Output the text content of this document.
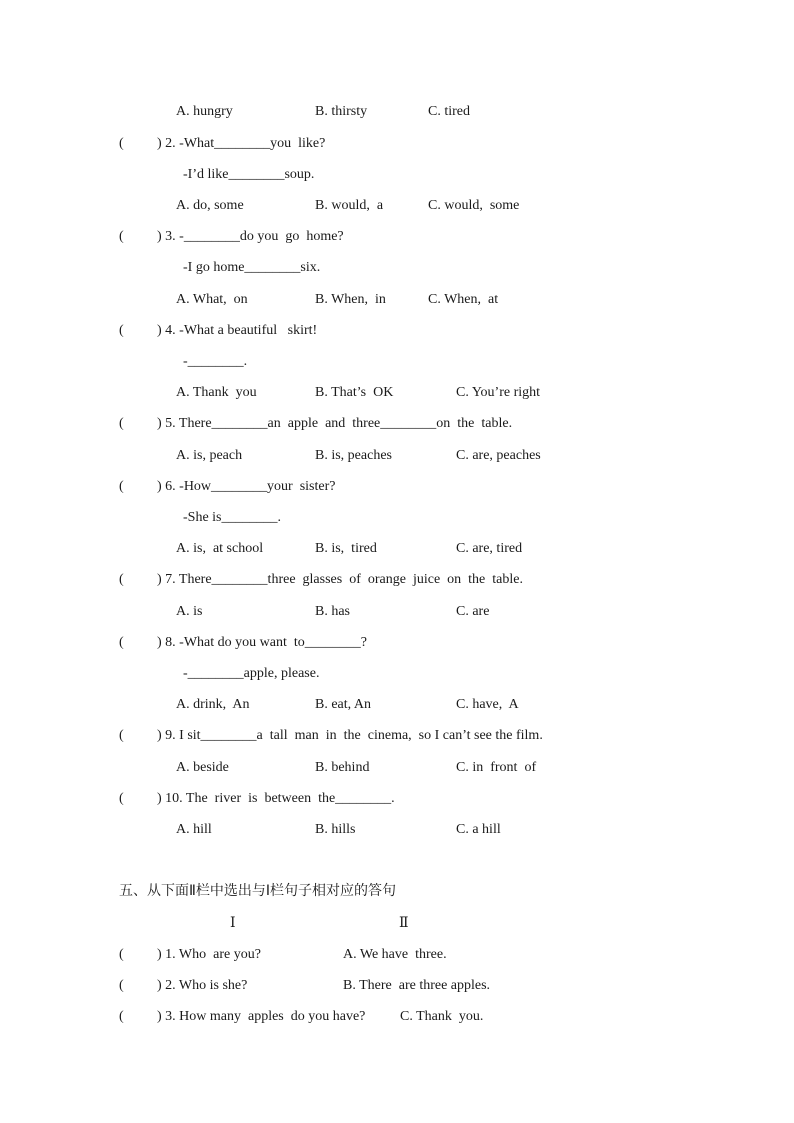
A. hungry	B. thirsty	C. tired
( ) 2. -What________you  like?
-I’d like________soup.
A. do, some	B. would,  a	C. would,  some
( ) 3. -________do you  go  home?
-I go home________six.
A. What,  on	B. When,  in	C. When,  at
( ) 4. -What a beautiful   skirt!
-________.
A. Thank  you	B. That’s  OK	C. You’re right
( ) 5. There________an  apple  and  three________on  the  table.
A. is, peach	B. is, peaches	C. are, peaches
( ) 6. -How________your  sister?
-She is________.
A. is,  at school	B. is,  tired	C. are, tired
( ) 7. There________three  glasses  of  orange  juice  on  the  table.
A. is	B. has	C. are
( ) 8. -What do you want  to________?
-________apple, please.
A. drink,  An	B. eat, An	C. have,  A
( ) 9. I sit________a  tall  man  in  the  cinema,  so I can’t see the film.
A. beside	B. behind	C. in  front  of
( ) 10. The  river  is  between  the________.
A. hill	B. hills	C. a hill
五、从下面Ⅱ栏中选出与Ⅰ栏句子相对应的答句
Ⅰ	Ⅱ
( ) 1. Who  are you?	A. We have  three.
( ) 2. Who is she?	B. There  are three apples.
( ) 3. How many  apples  do you have? C. Thank  you.
